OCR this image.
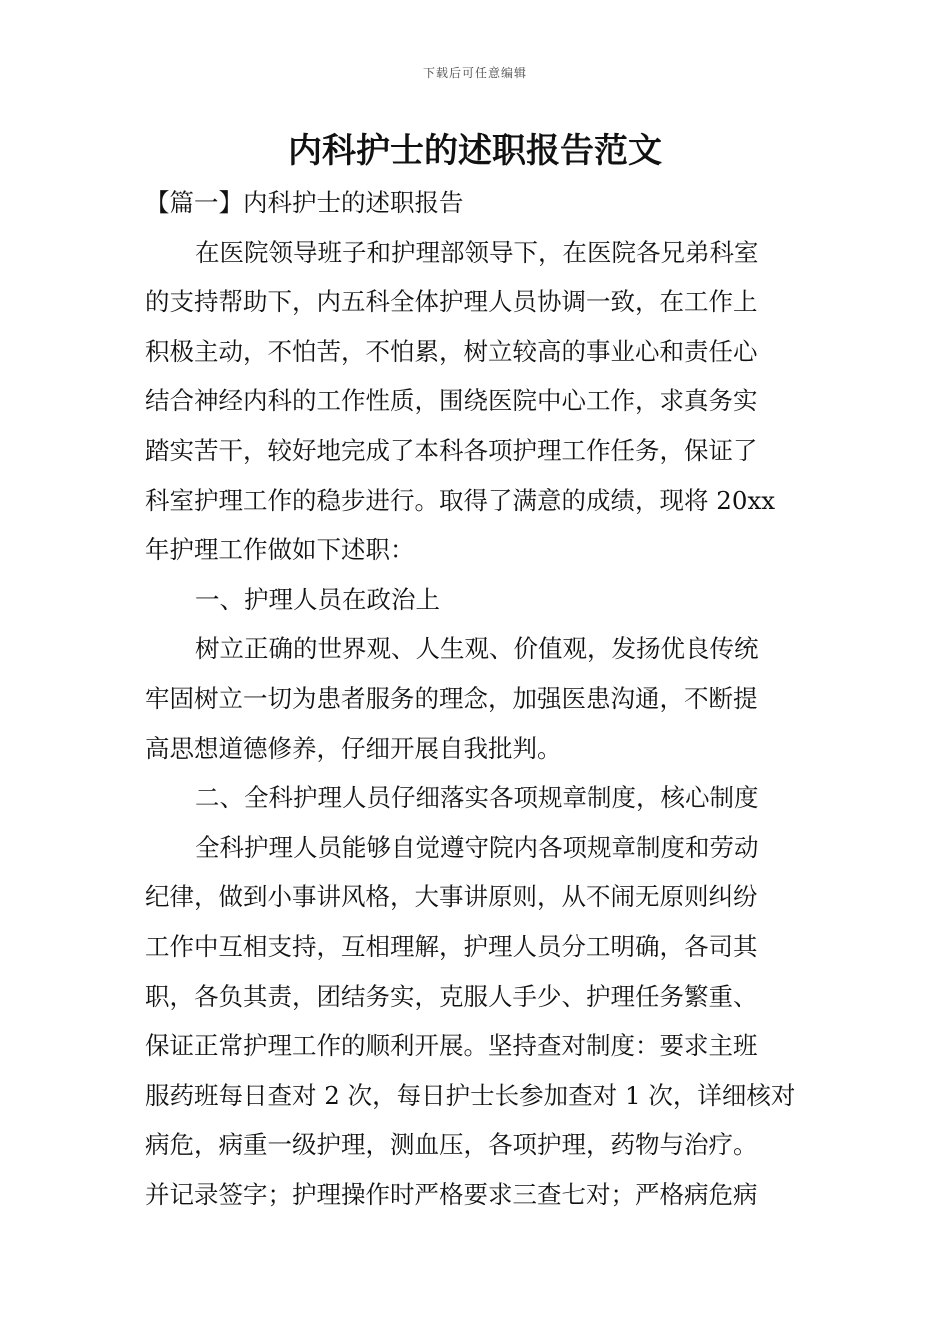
下载后可任意编辑
内科护士的述职报告范文
【篇一】内科护士的述职报告
在医院领导班子和护理部领导下，在医院各兄弟科室
的支持帮助下，内五科全体护理人员协调一致，在工作上
积极主动，不怕苦，不怕累，树立较高的事业心和责任心
结合神经内科的工作性质，围绕医院中心工作，求真务实
踏实苦干，较好地完成了本科各项护理工作任务，保证了
科室护理工作的稳步进行。取得了满意的成绩，现将 20xx
年护理工作做如下述职：
一、护理人员在政治上
树立正确的世界观、人生观、价值观，发扬优良传统
牢固树立一切为患者服务的理念，加强医患沟通，不断提
高思想道德修养，仔细开展自我批判。
二、全科护理人员仔细落实各项规章制度，核心制度
全科护理人员能够自觉遵守院内各项规章制度和劳动
纪律，做到小事讲风格，大事讲原则，从不闹无原则纠纷
工作中互相支持，互相理解，护理人员分工明确，各司其
职，各负其责，团结务实，克服人手少、护理任务繁重、
保证正常护理工作的顺利开展。坚持查对制度：要求主班
服药班每日查对 2 次，每日护士长参加查对 1 次，详细核对
病危，病重一级护理，测血压，各项护理，药物与治疗。
并记录签字；护理操作时严格要求三查七对；严格病危病
